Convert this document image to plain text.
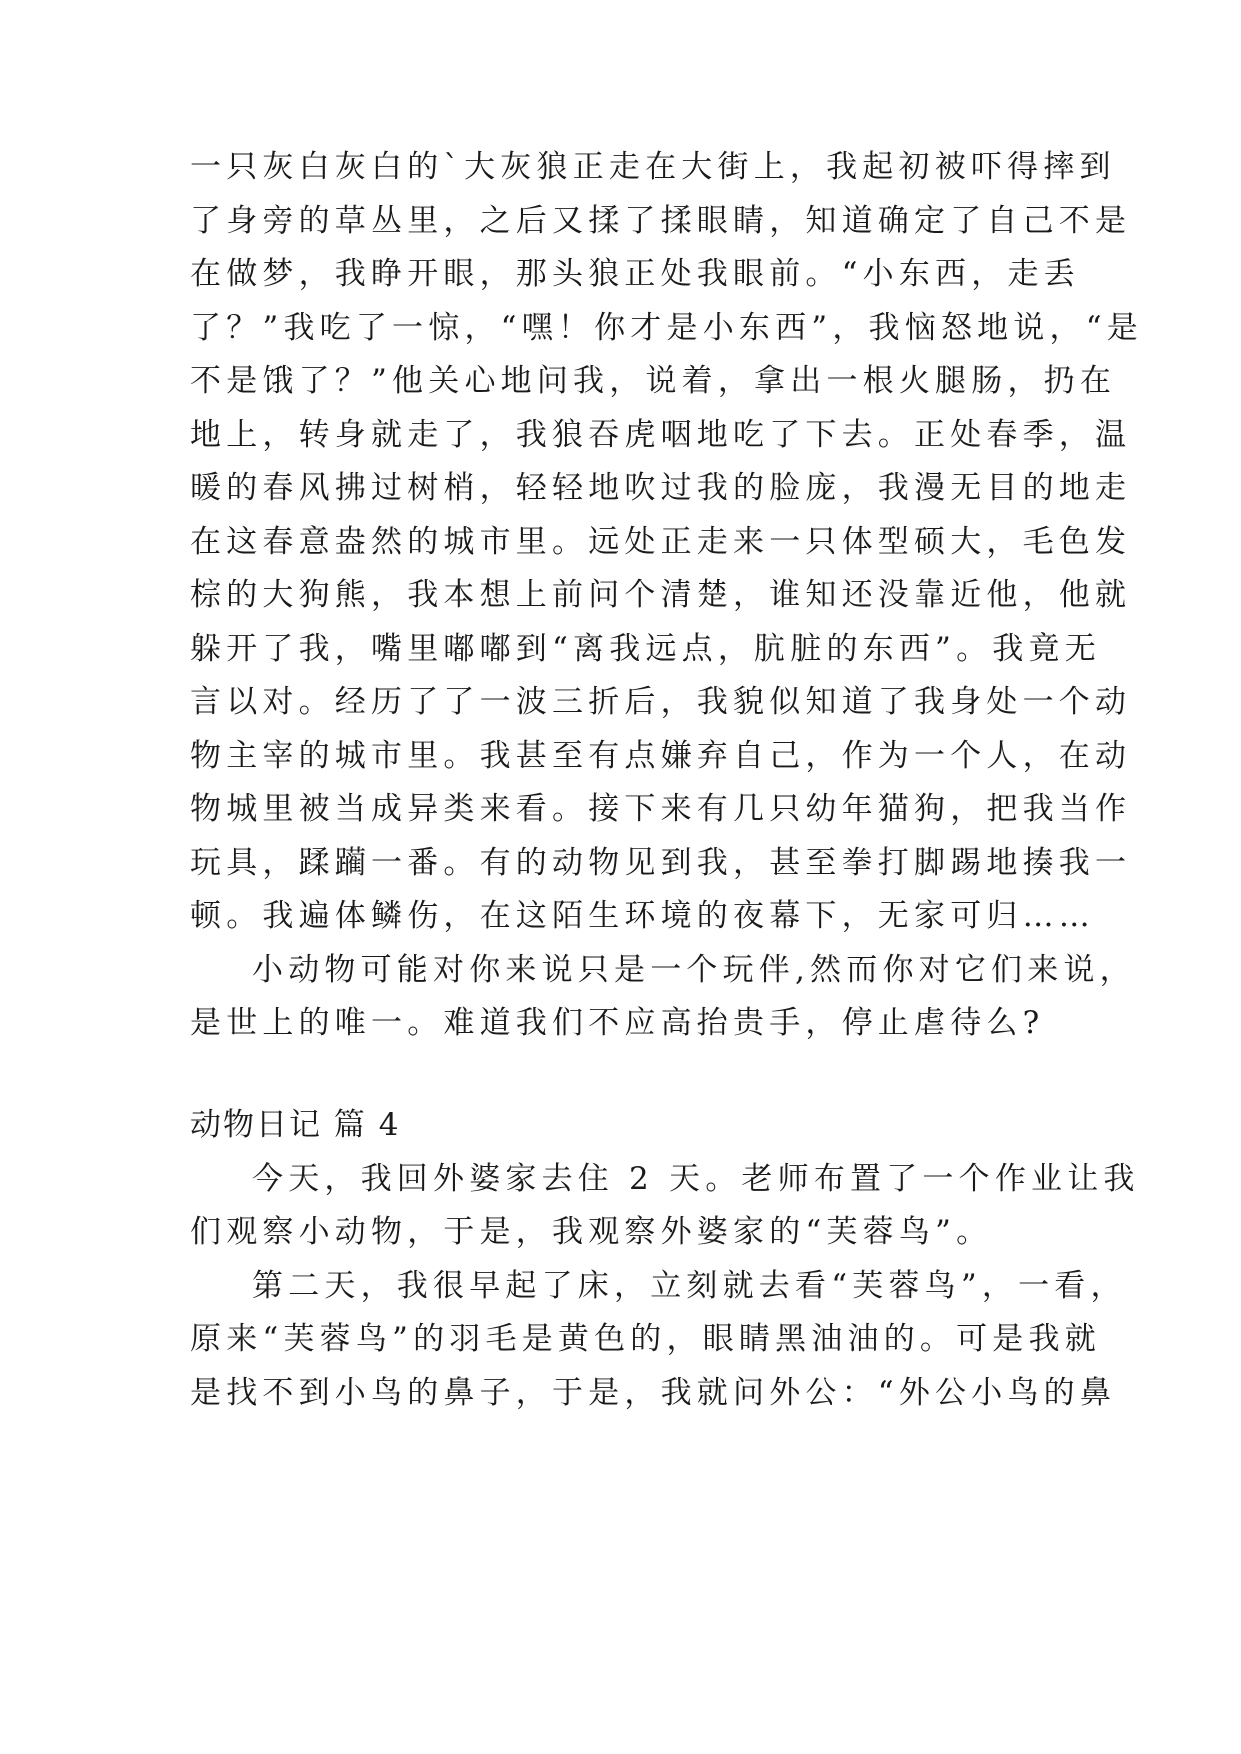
一只灰白灰白的`大灰狼正走在大街上，我起初被吓得摔到
了身旁的草丛里，之后又揉了揉眼睛，知道确定了自己不是
在做梦，我睁开眼，那头狼正处我眼前。“小东西，走丢
了？”我吃了一惊，“嘿！你才是小东西”，我恼怒地说，“是
不是饿了？”他关心地问我，说着，拿出一根火腿肠，扔在
地上，转身就走了，我狼吞虎咽地吃了下去。正处春季，温
暖的春风拂过树梢，轻轻地吹过我的脸庞，我漫无目的地走
在这春意盎然的城市里。远处正走来一只体型硕大，毛色发
棕的大狗熊，我本想上前问个清楚，谁知还没靠近他，他就
躲开了我，嘴里嘟嘟到“离我远点，肮脏的东西”。我竟无
言以对。经历了了一波三折后，我貌似知道了我身处一个动
物主宰的城市里。我甚至有点嫌弃自己，作为一个人，在动
物城里被当成异类来看。接下来有几只幼年猫狗，把我当作
玩具，蹂躏一番。有的动物见到我，甚至拳打脚踢地揍我一
顿。我遍体鳞伤，在这陌生环境的夜幕下，无家可归……
小动物可能对你来说只是一个玩伴,然而你对它们来说，
是世上的唯一。难道我们不应高抬贵手，停止虐待么?
动物日记 篇 4
今天，我回外婆家去住 2 天。老师布置了一个作业让我
们观察小动物，于是，我观察外婆家的“芙蓉鸟”。
第二天，我很早起了床，立刻就去看“芙蓉鸟”，一看，
原来“芙蓉鸟”的羽毛是黄色的，眼睛黑油油的。可是我就
是找不到小鸟的鼻子，于是，我就问外公：“外公小鸟的鼻
